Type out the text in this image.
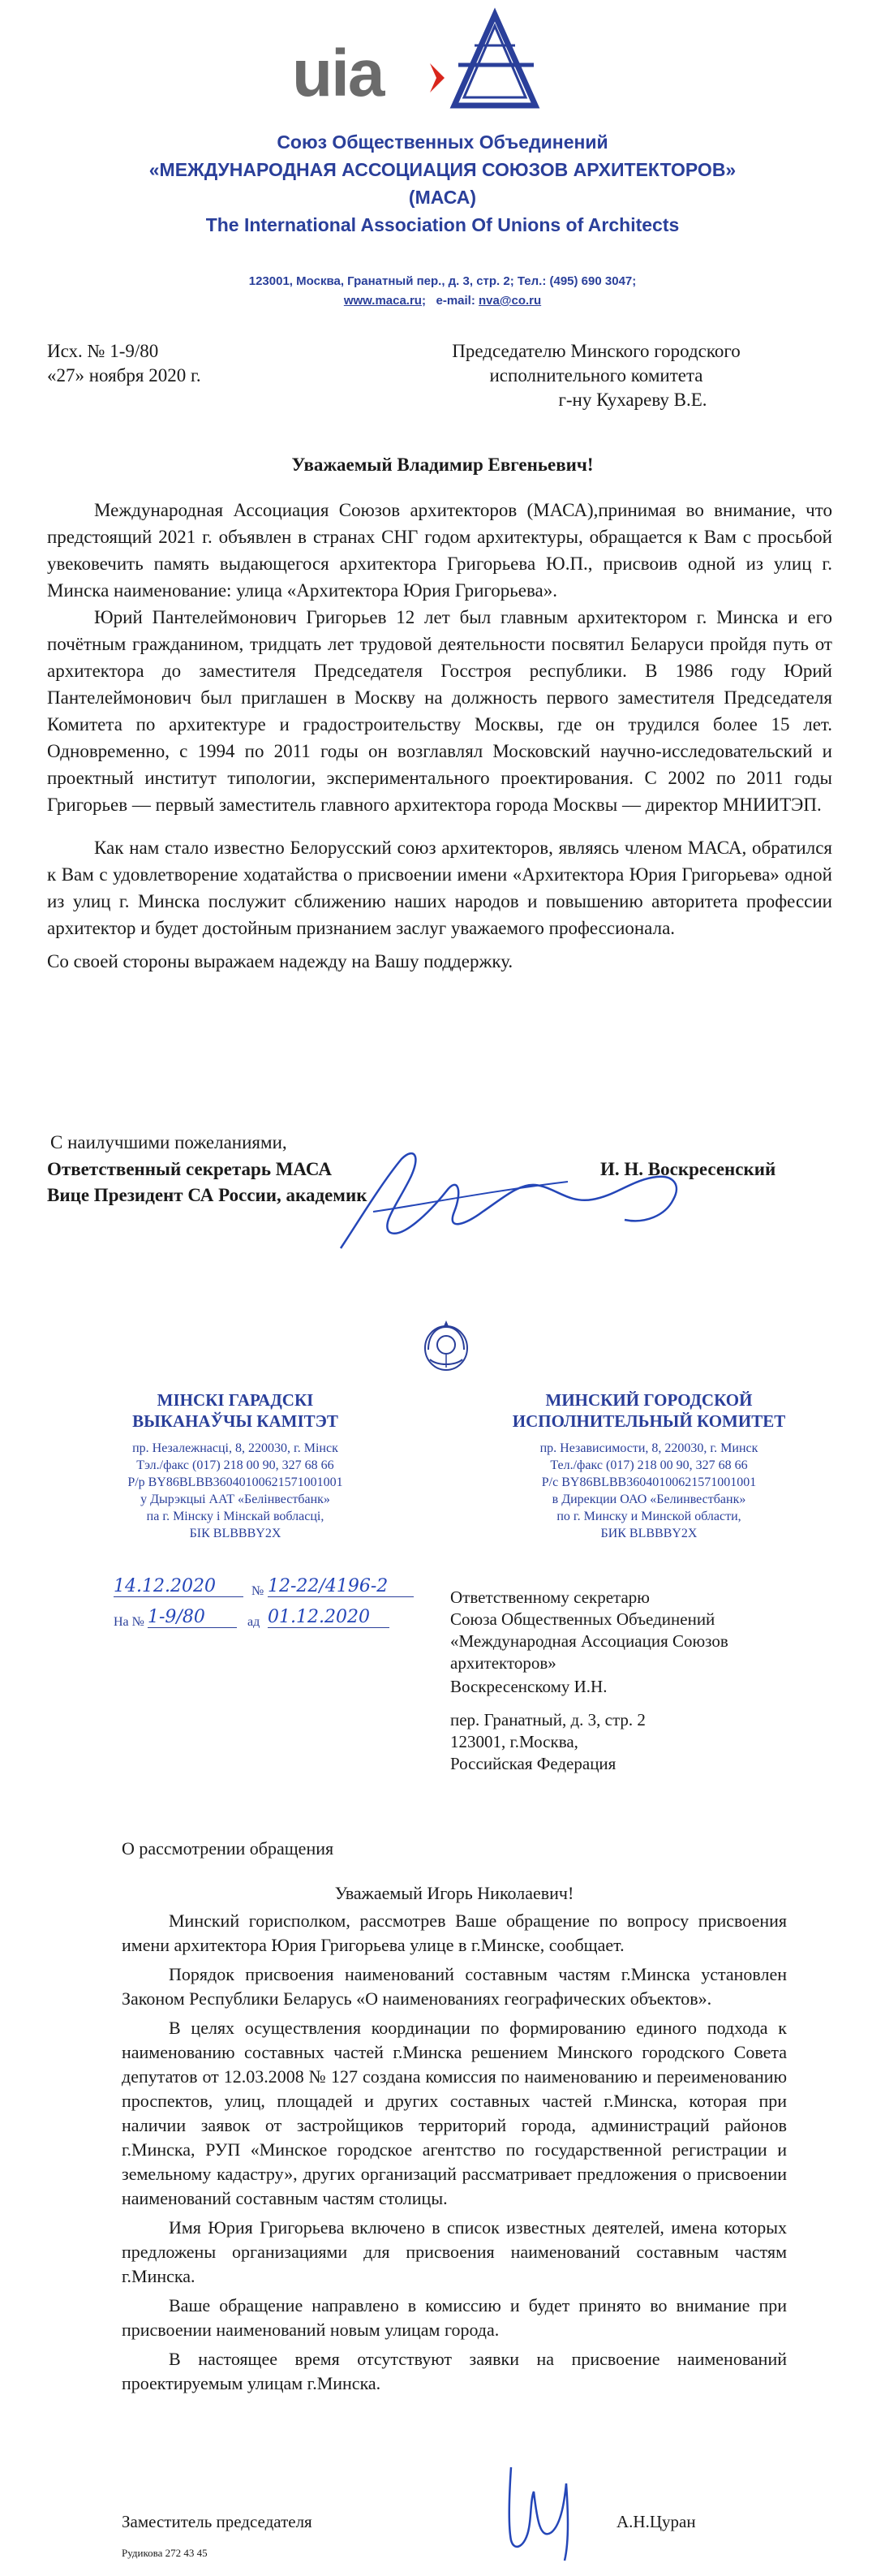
uia
Союз Общественных Объединений
«МЕЖДУНАРОДНАЯ АССОЦИАЦИЯ СОЮЗОВ АРХИТЕКТОРОВ»
(МАСА)
The International Association Of Unions of Architects
123001, Москва, Гранатный пер., д. 3, стр. 2; Тел.: (495) 690 3047;
www.maca.ru;   e-mail: nva@co.ru
Исх. № 1-9/80
«27» ноября 2020 г.
Председателю Минского городского
исполнительного комитета
г-ну Кухареву В.Е.
Уважаемый Владимир Евгеньевич!

Международная Ассоциация Союзов архитекторов (МАСА),принимая во внимание, что предстоящий 2021 г. объявлен в странах СНГ годом архитектуры, обращается к Вам с просьбой увековечить память выдающегося архитектора Григорьева Ю.П., присвоив одной из улиц г. Минска наименование: улица «Архитектора Юрия Григорьева».

Юрий Пантелеймонович Григорьев 12 лет был главным архитектором г. Минска и его почётным гражданином, тридцать лет трудовой деятельности посвятил Беларуси пройдя путь от архитектора до заместителя Председателя Госстроя республики. В 1986 году Юрий Пантелеймонович был приглашен в Москву на должность первого заместителя Председателя Комитета по архитектуре и градостроительству Москвы, где он трудился более 15 лет. Одновременно, с 1994 по 2011 годы он возглавлял Московский научно-исследовательский и проектный институт типологии, экспериментального проектирования. С 2002 по 2011 годы Григорьев — первый заместитель главного архитектора города Москвы — директор МНИИТЭП.

Как нам стало известно Белорусский союз архитекторов, являясь членом МАСА, обратился к Вам с удовлетворение ходатайства о присвоении имени «Архитектора Юрия Григорьева» одной из улиц г. Минска послужит сближению наших народов и повышению авторитета профессии архитектор и будет достойным признанием заслуг уважаемого профессионала.

Со своей стороны выражаем надежду на Вашу поддержку.

С наилучшими пожеланиями,
Ответственный секретарь МАСА
Вице Президент СА России, академик
И. Н. Воскресенский
МІНСКІ ГАРАДСКІ
ВЫКАНАЎЧЫ КАМІТЭТ
пр. Незалежнасці, 8, 220030, г. Мінск
Тэл./факс (017) 218 00 90, 327 68 66
Р/р BY86BLBB36040100621571001001
у Дырэкцыі ААТ «Белінвестбанк»
па г. Мінску і Мінскай вобласці,
БІК BLBBBY2X
МИНСКИЙ ГОРОДСКОЙ
ИСПОЛНИТЕЛЬНЫЙ КОМИТЕТ
пр. Независимости, 8, 220030, г. Минск
Тел./факс (017) 218 00 90, 327 68 66
Р/с BY86BLBB36040100621571001001
в Дирекции ОАО «Белинвестбанк»
по г. Минску и Минской области,
БИК BLBBBY2X
14.12.2020	№ 12-22/4196-2
На № 1-9/80	ад 01.12.2020
Ответственному секретарю
Союза Общественных Объединений
«Международная Ассоциация Союзов
архитекторов»
Воскресенскому И.Н.
пер. Гранатный, д. 3, стр. 2
123001, г.Москва,
Российская Федерация
О рассмотрении обращения
Уважаемый Игорь Николаевич!

Минский горисполком, рассмотрев Ваше обращение по вопросу присвоения имени архитектора Юрия Григорьева улице в г.Минске, сообщает.

Порядок присвоения наименований составным частям г.Минска установлен Законом Республики Беларусь «О наименованиях географических объектов».

В целях осуществления координации по формированию единого подхода к наименованию составных частей г.Минска решением Минского городского Совета депутатов от 12.03.2008 № 127 создана комиссия по наименованию и переименованию проспектов, улиц, площадей и других составных частей г.Минска, которая при наличии заявок от застройщиков территорий города, администраций районов г.Минска, РУП «Минское городское агентство по государственной регистрации и земельному кадастру», других организаций рассматривает предложения о присвоении наименований составным частям столицы.

Имя Юрия Григорьева включено в список известных деятелей, имена которых предложены организациями для присвоения наименований составным частям г.Минска.

Ваше обращение направлено в комиссию и будет принято во внимание при присвоении наименований новым улицам города.

В настоящее время отсутствуют заявки на присвоение наименований проектируемым улицам г.Минска.

Заместитель председателя	А.Н.Цуран
Рудикова 272 43 45
